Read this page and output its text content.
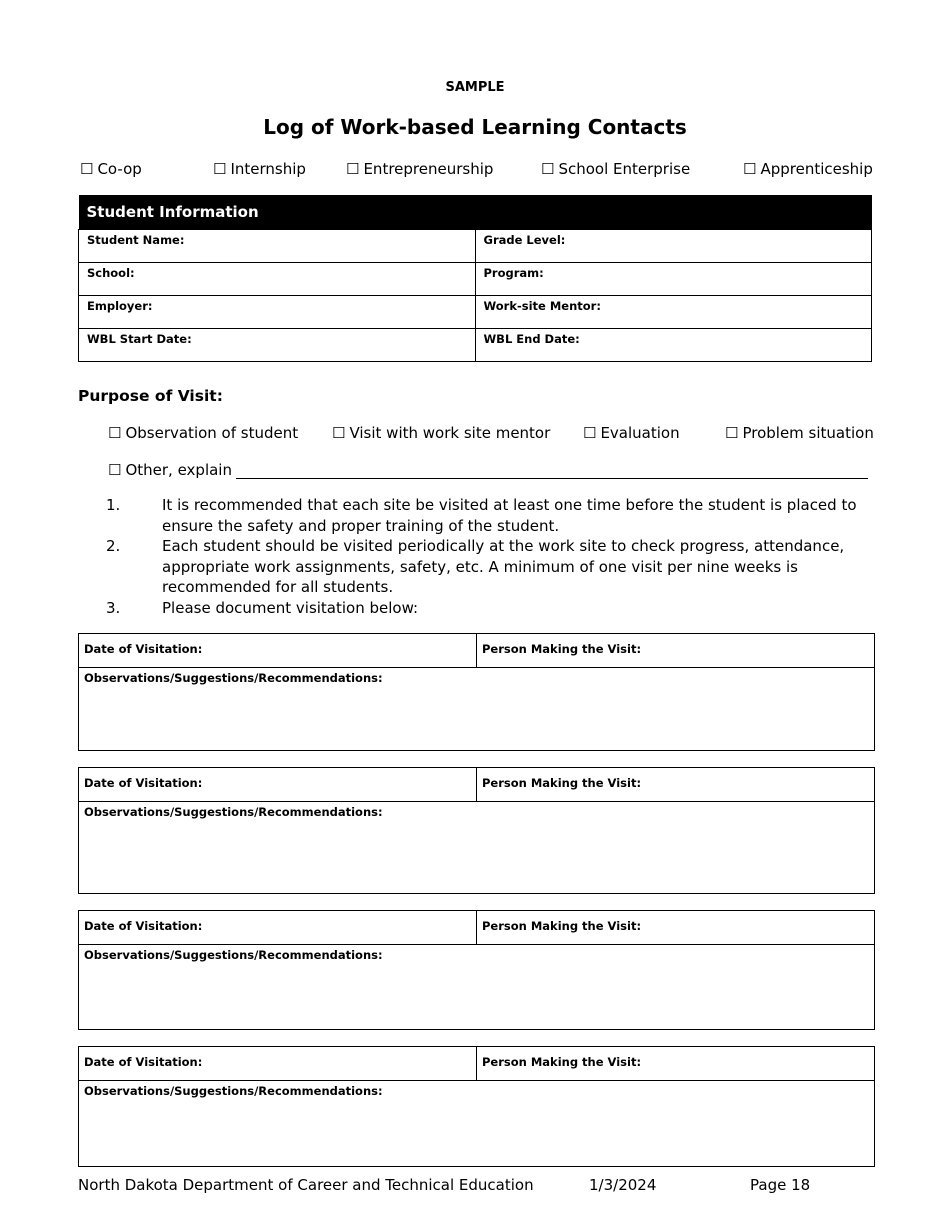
SAMPLE
Log of Work-based Learning Contacts
☐ Co-op	☐ Internship	☐ Entrepreneurship	☐ School Enterprise	☐ Apprenticeship
Student Information	
Student Name:	Grade Level:
School:	Program:
Employer:	Work-site Mentor:
WBL Start Date:	WBL End Date:
Purpose of Visit:
☐ Observation of student ☐ Visit with work site mentor ☐ Evaluation	☐ Problem situation
☐ Other, explain
1.	It is recommended that each site be visited at least one time before the student is placed to ensure the safety and proper training of the student.
2.	Each student should be visited periodically at the work site to check progress, attendance, appropriate work assignments, safety, etc. A minimum of one visit per nine weeks is recommended for all students.
3.	Please document visitation below:
Date of Visitation:	Person Making the Visit:
Observations/Suggestions/Recommendations:
Date of Visitation:	Person Making the Visit:
Observations/Suggestions/Recommendations:
Date of Visitation:	Person Making the Visit:
Observations/Suggestions/Recommendations:
Date of Visitation:	Person Making the Visit:
Observations/Suggestions/Recommendations:
North Dakota Department of Career and Technical Education	1/3/2024	Page 18
